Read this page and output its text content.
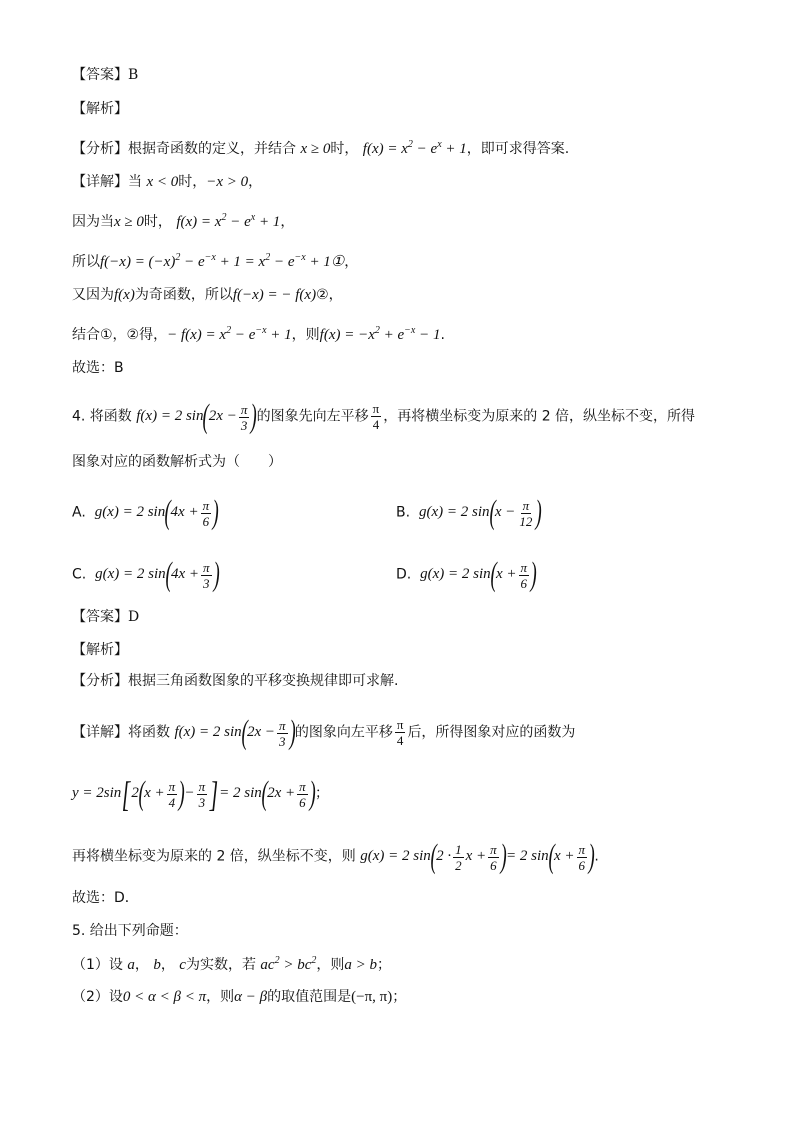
【答案】B
【解析】
【分析】根据奇函数的定义，并结合 x ≥ 0时， $f(x) = x^2 - e^x + 1$，即可求得答案.
【详解】当 x < 0时，−x > 0，
因为当x ≥ 0时， $f(x) = x^2 - e^x + 1$，
所以$f(-x) = (-x)^2 - e^{-x} + 1 = x^2 - e^{-x}$ + 1①，
又因为f(x)为奇函数，所以f(−x) = − f(x)②，
结合①，②得，− $f(x) = x^2 - e^{-x} + 1$，则$f(x) = -x^2 + e^{-x} - 1$.
故选：B
4. 将函数 f(x) = 2 $\sin(2x - \frac{\pi}{3}$ )的图象先向左平移 $\frac{\pi}{4}$ ，再将横坐标变为原来的 2 倍，纵坐标不变，所得
图象对应的函数解析式为（　　）
A. g(x) = 2 $\sin(4x + \frac{\pi}{6}$ )	B. g(x) = 2 $\sin(x - \frac{\pi}{12}$ )
C. g(x) = 2 $\sin(4x + \frac{\pi}{3}$ )	D. g(x) = 2 $\sin(x + \frac{\pi}{6}$ )
【答案】D
【解析】
【分析】根据三角函数图象的平移变换规律即可求解.
【详解】将函数 f(x) = 2 $\sin(2x - \frac{\pi}{3}$ )的图象向左平移 $\frac{\pi}{4}$ 后，所得图象对应的函数为
$y = 2\sin[2(x + \frac{\pi}{4}$ )− $\frac{\pi}{3}$ ]= 2 $\sin(2x + \frac{\pi}{6}$ )；
再将横坐标变为原来的 2 倍，纵坐标不变，则 g(x) = 2 $\sin(2 \cdot \frac{1}{2}$ $x + \frac{\pi}{6}$ )= 2 $\sin(x + \frac{\pi}{6}$ ).
故选：D．
5. 给出下列命题：
（1）设 a， b， c为实数，若 $ac^2 > bc^2$，则a > b；
（2）设0 < α < β < π，则α − β的取值范围是(−π, π)；
